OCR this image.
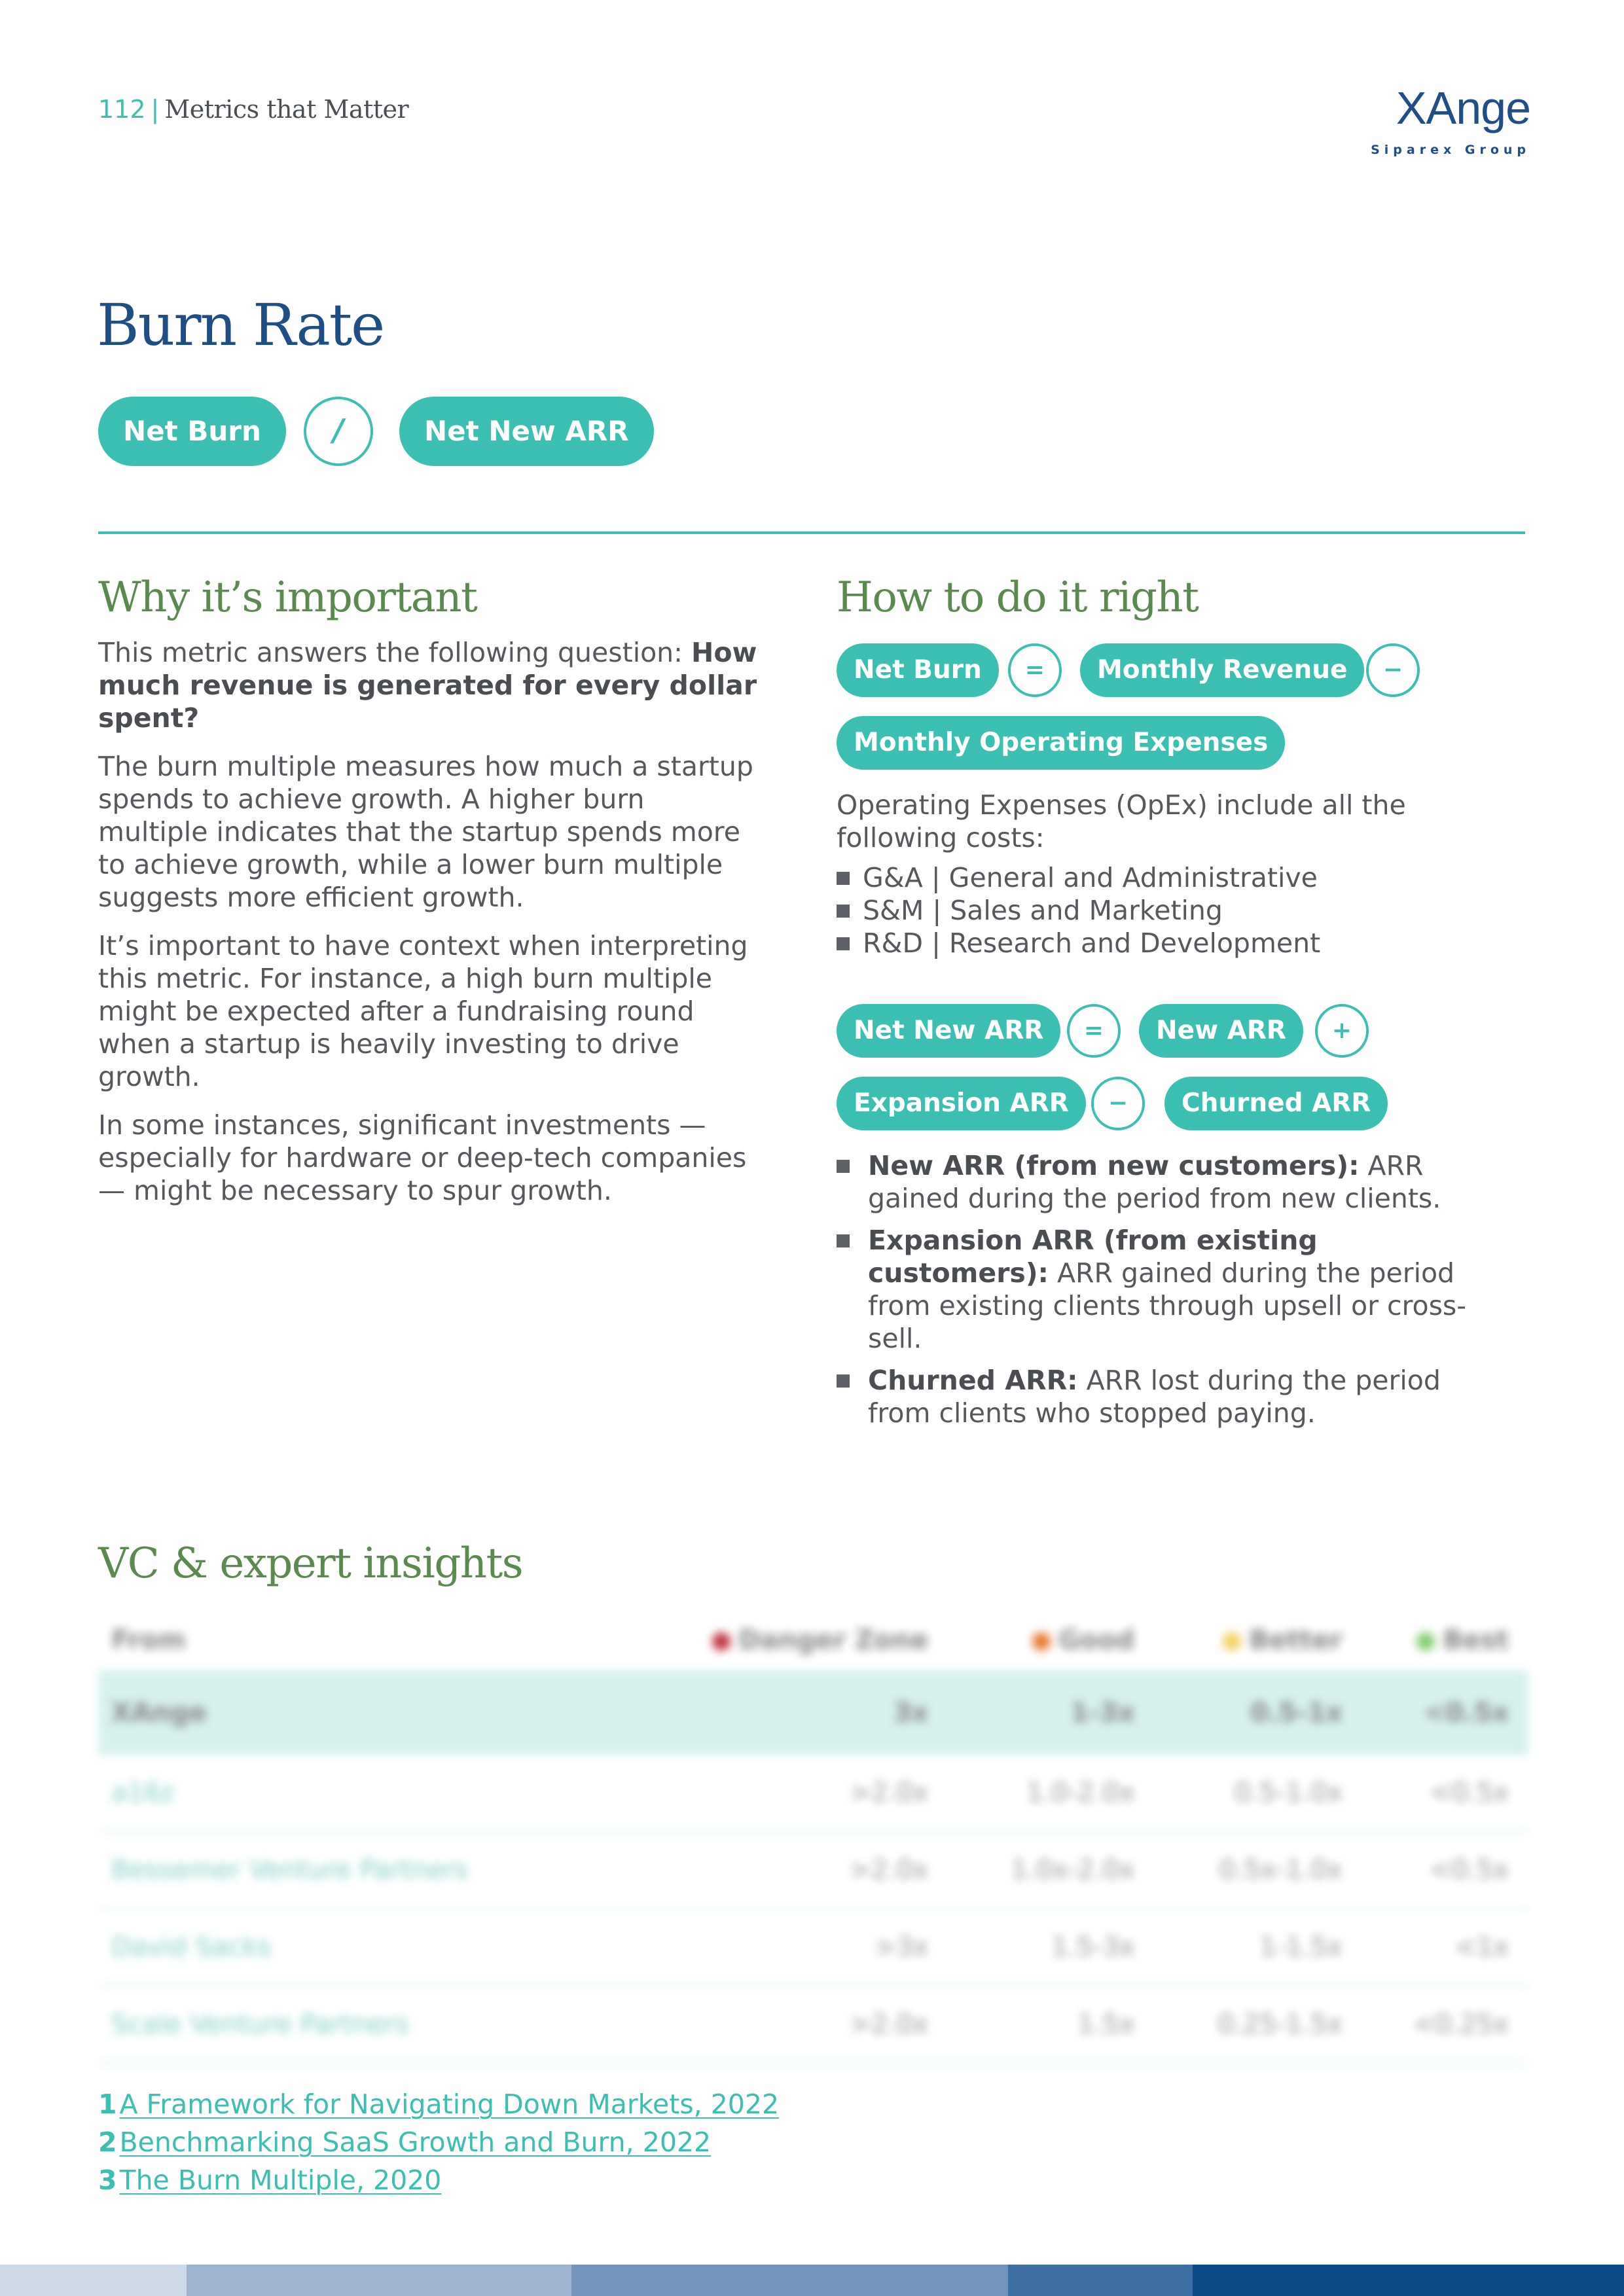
112 | Metrics that Matter	XAnge
Siparex Group
Burn Rate
Net Burn	/	Net New ARR
Why it’s important

This metric answers the following question: How much revenue is generated for every dollar spent?

The burn multiple measures how much a startup spends to achieve growth. A higher burn multiple indicates that the startup spends more to achieve growth, while a lower burn multiple suggests more efficient growth.

It’s important to have context when interpreting this metric. For instance, a high burn multiple might be expected after a fundraising round when a startup is heavily investing to drive growth.

In some instances, significant investments — especially for hardware or deep-tech companies — might be necessary to spur growth.

How to do it right
Net Burn	=	Monthly Revenue	−
Monthly Operating Expenses
Operating Expenses (OpEx) include all the following costs:
G&A | General and Administrative
S&M | Sales and Marketing
R&D | Research and Development
Net New ARR	=	New ARR	+
Expansion ARR	−	Churned ARR
New ARR (from new customers): ARR gained during the period from new clients.
Expansion ARR (from existing customers): ARR gained during the period from existing clients through upsell or cross-sell.
Churned ARR: ARR lost during the period from clients who stopped paying.
VC & expert insights
From	Danger Zone	Good	Better	Best
XAnge	3x	1-3x	0.5-1x	<0.5x
a16z	>2.0x	1.0-2.0x	0.5-1.0x	<0.5x
Bessemer Venture Partners	>2.0x	1.0x-2.0x	0.5x-1.0x	<0.5x
David Sacks	>3x	1.5-3x	1-1.5x	<1x
Scale Venture Partners	>2.0x	1.5x	0.25-1.5x	<0.25x
1A Framework for Navigating Down Markets, 2022
2Benchmarking SaaS Growth and Burn, 2022
3The Burn Multiple, 2020
